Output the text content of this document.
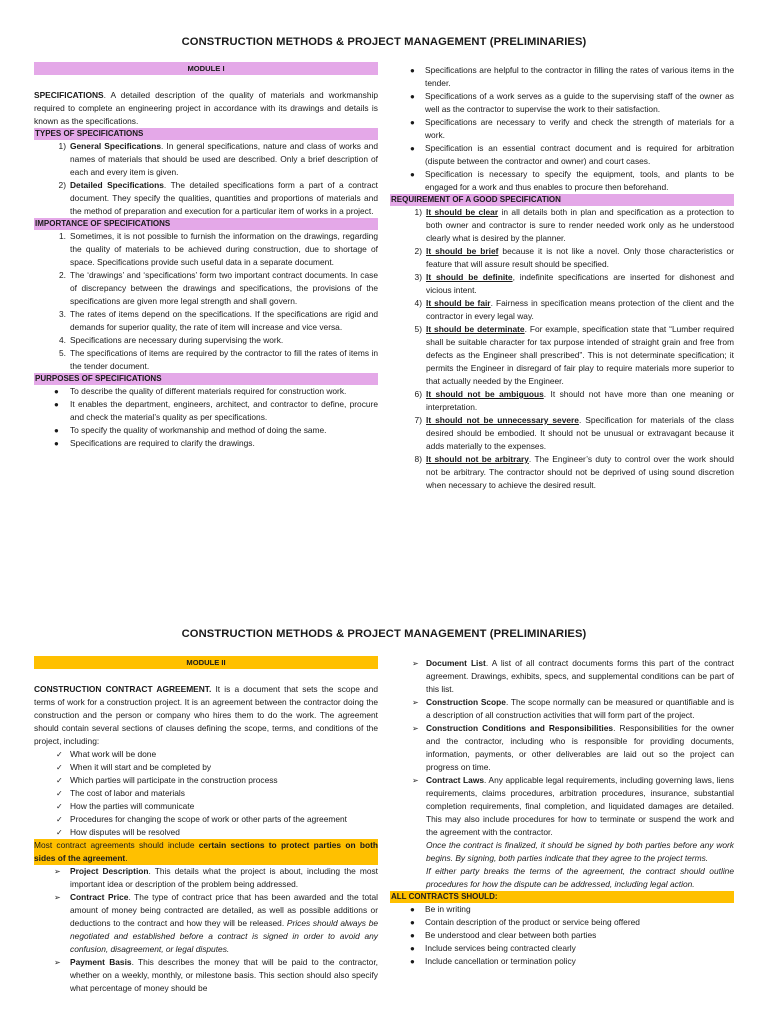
CONSTRUCTION METHODS & PROJECT MANAGEMENT (PRELIMINARIES)
MODULE I

SPECIFICATIONS. A detailed description of the quality of materials and workmanship required to complete an engineering project in accordance with its drawings and details is known as the specifications.

TYPES OF SPECIFICATIONS
1) General Specifications. In general specifications, nature and class of works and names of materials that should be used are described. Only a brief description of each and every item is given.
2) Detailed Specifications. The detailed specifications form a part of a contract document. They specify the qualities, quantities and proportions of materials and the method of preparation and execution for a particular item of works in a project.
IMPORTANCE OF SPECIFICATIONS
1. Sometimes, it is not possible to furnish the information on the drawings, regarding the quality of materials to be achieved during construction, due to shortage of space. Specifications provide such useful data in a separate document.
2. The ‘drawings’ and ‘specifications’ form two important contract documents. In case of discrepancy between the drawings and specifications, the provisions of the specifications are given more legal strength and shall govern.
3. The rates of items depend on the specifications. If the specifications are rigid and demands for superior quality, the rate of item will increase and vice versa.
4. Specifications are necessary during supervising the work.
5. The specifications of items are required by the contractor to fill the rates of items in the tender document.
PURPOSES OF SPECIFICATIONS
● To describe the quality of different materials required for construction work.
● It enables the department, engineers, architect, and contractor to define, procure and check the material’s quality as per specifications.
● To specify the quality of workmanship and method of doing the same.
● Specifications are required to clarify the drawings.
● Specifications are helpful to the contractor in filling the rates of various items in the tender.
● Specifications of a work serves as a guide to the supervising staff of the owner as well as the contractor to supervise the work to their satisfaction.
● Specifications are necessary to verify and check the strength of materials for a work.
● Specification is an essential contract document and is required for arbitration (dispute between the contractor and owner) and court cases.
● Specification is necessary to specify the equipment, tools, and plants to be engaged for a work and thus enables to procure then beforehand.
REQUIREMENT OF A GOOD SPECIFICATION
1) It should be clear in all details both in plan and specification as a protection to both owner and contractor is sure to render needed work only as he understood clearly what is desired by the planner.
2) It should be brief because it is not like a novel. Only those characteristics or feature that will assure result should be specified.
3) It should be definite, indefinite specifications are inserted for dishonest and vicious intent.
4) It should be fair. Fairness in specification means protection of the client and the contractor in every legal way.
5) It should be determinate. For example, specification state that “Lumber required shall be suitable character for tax purpose intended of straight grain and free from defects as the Engineer shall prescribed”. This is not determinate specification; it permits the Engineer in disregard of fair play to require materials more superior to that actually needed by the Engineer.
6) It should not be ambiguous. It should not have more than one meaning or interpretation.
7) It should not be unnecessary severe. Specification for materials of the class desired should be embodied. It should not be unusual or extravagant because it adds materially to the expenses.
8) It should not be arbitrary. The Engineer’s duty to control over the work should not be arbitrary. The contractor should not be deprived of using sound discretion when necessary to achieve the desired result.
CONSTRUCTION METHODS & PROJECT MANAGEMENT (PRELIMINARIES)
MODULE II

CONSTRUCTION CONTRACT AGREEMENT. It is a document that sets the scope and terms of work for a construction project. It is an agreement between the contractor doing the construction and the person or company who hires them to do the work. The agreement should contain several sections of clauses defining the scope, terms, and conditions of the project, including:

✓ What work will be done
✓ When it will start and be completed by
✓ Which parties will participate in the construction process
✓ The cost of labor and materials
✓ How the parties will communicate
✓ Procedures for changing the scope of work or other parts of the agreement
✓ How disputes will be resolved

Most contract agreements should include certain sections to protect parties on both sides of the agreement.

➢ Project Description. This details what the project is about, including the most important idea or description of the problem being addressed.
➢ Contract Price. The type of contract price that has been awarded and the total amount of money being contracted are detailed, as well as possible additions or deductions to the contract and how they will be released. Prices should always be negotiated and established before a contract is signed in order to avoid any confusion, disagreement, or legal disputes.
➢ Payment Basis. This describes the money that will be paid to the contractor, whether on a weekly, monthly, or milestone basis. This section should also specify what percentage of money should be
➢ Document List. A list of all contract documents forms this part of the contract agreement. Drawings, exhibits, specs, and supplemental conditions can be part of this list.
➢ Construction Scope. The scope normally can be measured or quantifiable and is a description of all construction activities that will form part of the project.
➢ Construction Conditions and Responsibilities. Responsibilities for the owner and the contractor, including who is responsible for providing documents, information, payments, or other deliverables are laid out so the project can progress on time.
➢ Contract Laws. Any applicable legal requirements, including governing laws, liens requirements, claims procedures, arbitration procedures, insurance, substantial completion requirements, final completion, and liquidated damages are detailed. This may also include procedures for how to terminate or suspend the work and the agreement with the contractor.

Once the contract is finalized, it should be signed by both parties before any work begins. By signing, both parties indicate that they agree to the project terms.

If either party breaks the terms of the agreement, the contract should outline procedures for how the dispute can be addressed, including legal action.

ALL CONTRACTS SHOULD:
● Be in writing
● Contain description of the product or service being offered
● Be understood and clear between both parties
● Include services being contracted clearly
● Include cancellation or termination policy
